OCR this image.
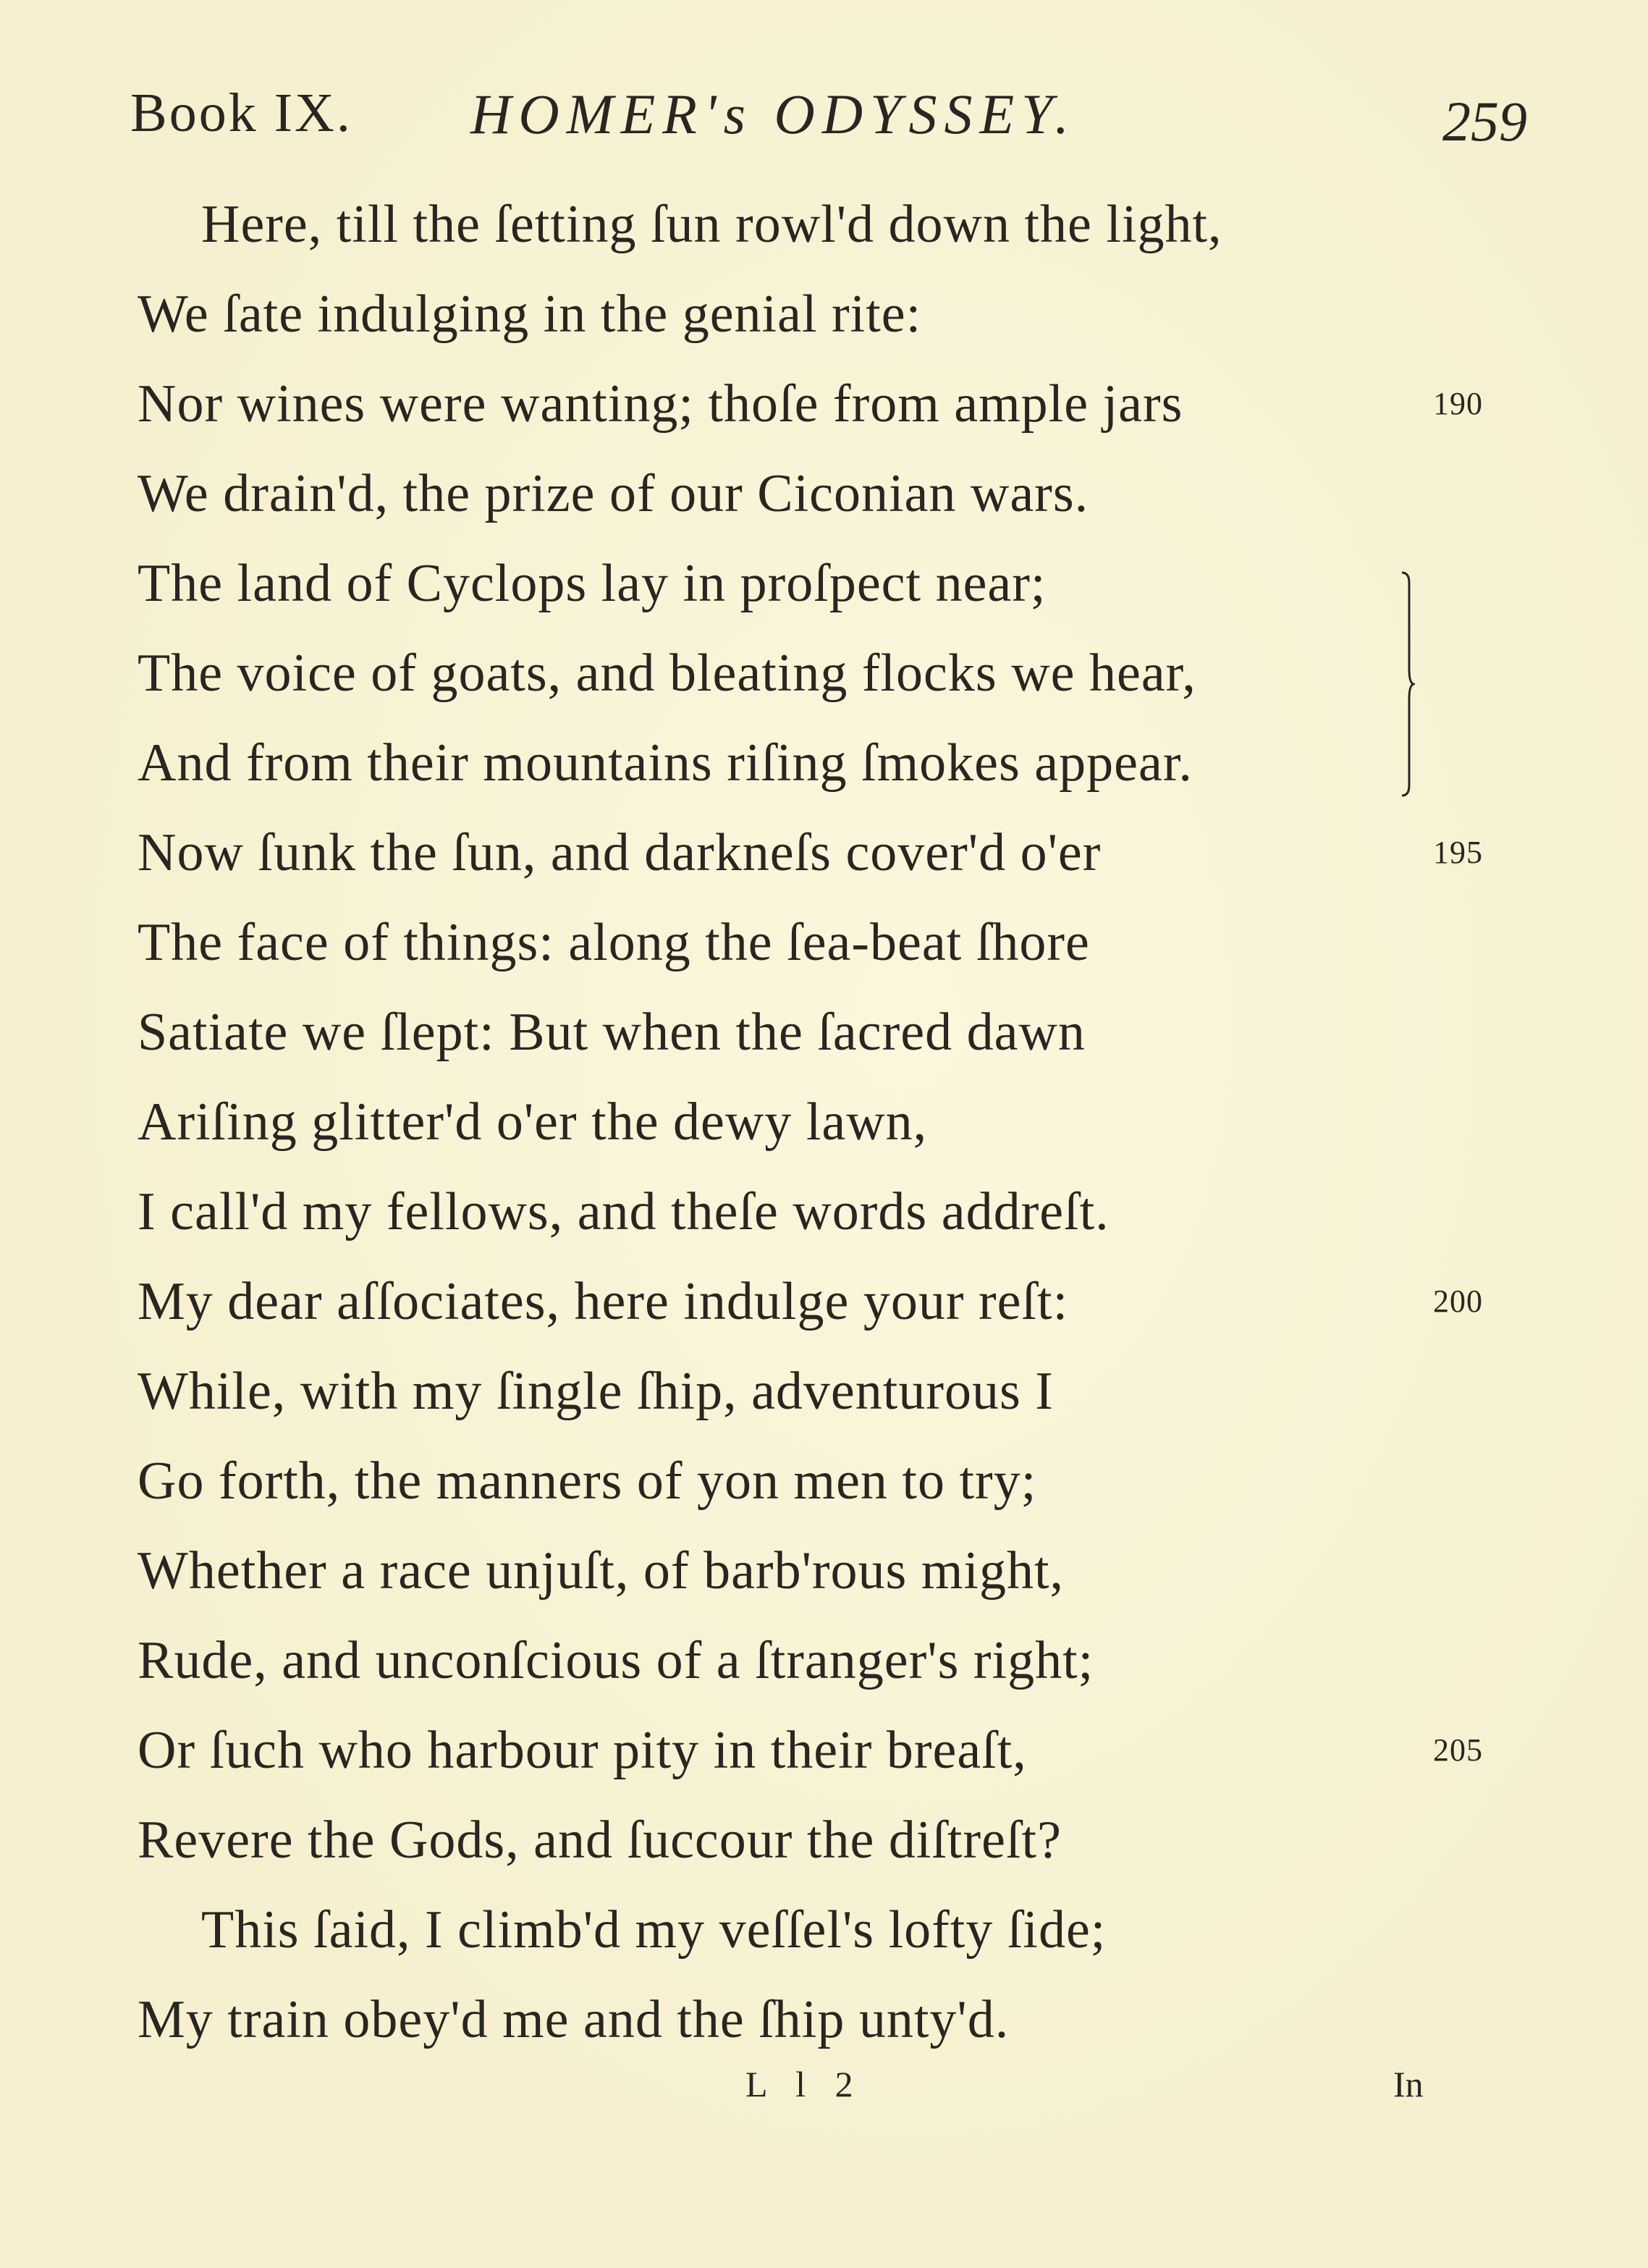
Book IX. HOMER's ODYSSEY.	259
Here, till the ſetting ſun rowl'd down the light,
We ſate indulging in the genial rite:
Nor wines were wanting; thoſe from ample jars	190
We drain'd, the prize of our Ciconian wars.
The land of Cyclops lay in proſpect near;
The voice of goats, and bleating flocks we hear,
And from their mountains riſing ſmokes appear.
Now ſunk the ſun, and darkneſs cover'd o'er	195
The face of things: along the ſea-beat ſhore
Satiate we ſlept: But when the ſacred dawn
Ariſing glitter'd o'er the dewy lawn,
I call'd my fellows, and theſe words addreſt.
My dear aſſociates, here indulge your reſt:	200
While, with my ſingle ſhip, adventurous I
Go forth, the manners of yon men to try;
Whether a race unjuſt, of barb'rous might,
Rude, and unconſcious of a ſtranger's right;
Or ſuch who harbour pity in their breaſt,	205
Revere the Gods, and ſuccour the diſtreſt?
This ſaid, I climb'd my veſſel's lofty ſide;
My train obey'd me and the ſhip unty'd.
L l 2	In
